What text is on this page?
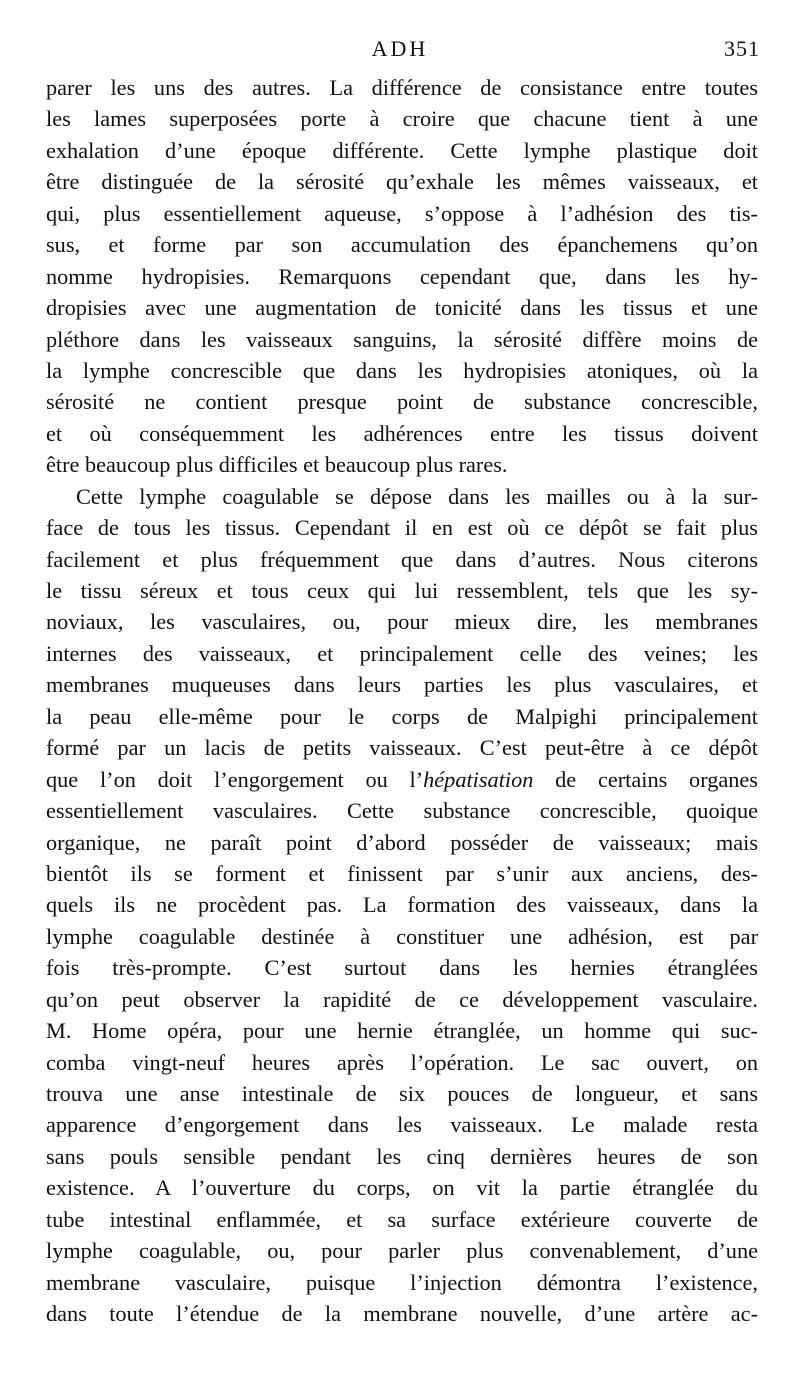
ADH	351
parer les uns des autres. La différence de consistance entre toutes
les lames superposées porte à croire que chacune tient à une
exhalation d’une époque différente. Cette lymphe plastique doit
être distinguée de la sérosité qu’exhale les mêmes vaisseaux, et
qui, plus essentiellement aqueuse, s’oppose à l’adhésion des tis-
sus, et forme par son accumulation des épanchemens qu’on
nomme hydropisies. Remarquons cependant que, dans les hy-
dropisies avec une augmentation de tonicité dans les tissus et une
pléthore dans les vaisseaux sanguins, la sérosité diffère moins de
la lymphe concrescible que dans les hydropisies atoniques, où la
sérosité ne contient presque point de substance concrescible,
et où conséquemment les adhérences entre les tissus doivent
être beaucoup plus difficiles et beaucoup plus rares.
Cette lymphe coagulable se dépose dans les mailles ou à la sur-
face de tous les tissus. Cependant il en est où ce dépôt se fait plus
facilement et plus fréquemment que dans d’autres. Nous citerons
le tissu séreux et tous ceux qui lui ressemblent, tels que les sy-
noviaux, les vasculaires, ou, pour mieux dire, les membranes
internes des vaisseaux, et principalement celle des veines; les
membranes muqueuses dans leurs parties les plus vasculaires, et
la peau elle-même pour le corps de Malpighi principalement
formé par un lacis de petits vaisseaux. C’est peut-être à ce dépôt
que l’on doit l’engorgement ou l’hépatisation de certains organes
essentiellement vasculaires. Cette substance concrescible, quoique
organique, ne paraît point d’abord posséder de vaisseaux; mais
bientôt ils se forment et finissent par s’unir aux anciens, des-
quels ils ne procèdent pas. La formation des vaisseaux, dans la
lymphe coagulable destinée à constituer une adhésion, est par
fois très-prompte. C’est surtout dans les hernies étranglées
qu’on peut observer la rapidité de ce développement vasculaire.
M. Home opéra, pour une hernie étranglée, un homme qui suc-
comba vingt-neuf heures après l’opération. Le sac ouvert, on
trouva une anse intestinale de six pouces de longueur, et sans
apparence d’engorgement dans les vaisseaux. Le malade resta
sans pouls sensible pendant les cinq dernières heures de son
existence. A l’ouverture du corps, on vit la partie étranglée du
tube intestinal enflammée, et sa surface extérieure couverte de
lymphe coagulable, ou, pour parler plus convenablement, d’une
membrane vasculaire, puisque l’injection démontra l’existence,
dans toute l’étendue de la membrane nouvelle, d’une artère ac-
